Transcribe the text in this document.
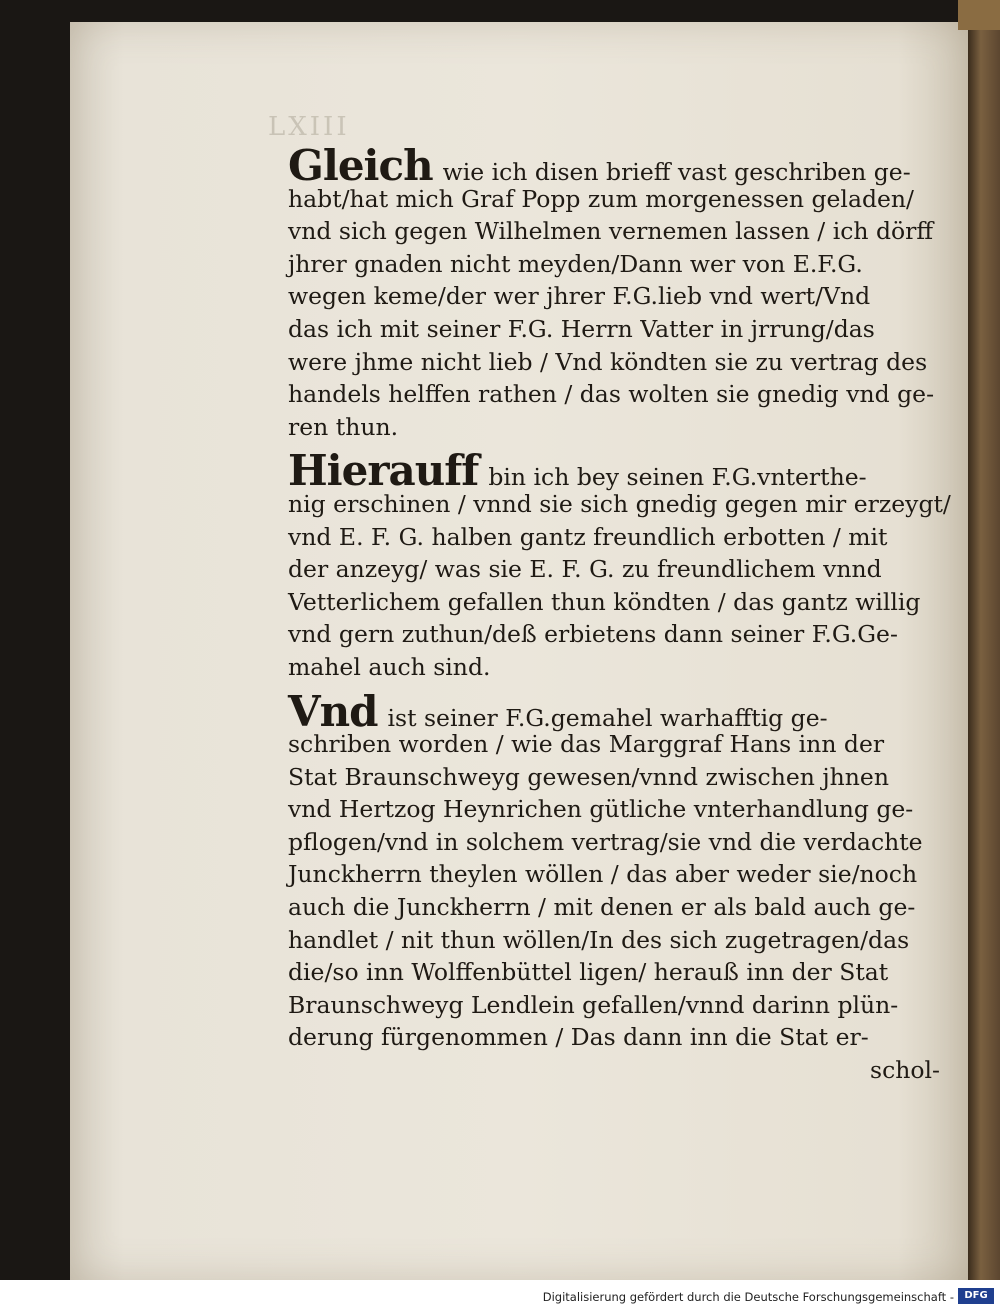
LXIII
Gleich wie ich disen brieff vast geschriben ge-
habt/hat mich Graf Popp zum morgenessen geladen/
vnd sich gegen Wilhelmen vernemen lassen / ich dörff
jhrer gnaden nicht meyden/Dann wer von E.F.G.
wegen keme/der wer jhrer F.G.lieb vnd wert/Vnd
das ich mit seiner F.G. Herrn Vatter in jrrung/das
were jhme nicht lieb / Vnd köndten sie zu vertrag des
handels helffen rathen / das wolten sie gnedig vnd ge-
ren thun.
Hierauff bin ich bey seinen F.G.vnterthe-
nig erschinen / vnnd sie sich gnedig gegen mir erzeygt/
vnd E. F. G. halben gantz freundlich erbotten / mit
der anzeyg/ was sie E. F. G. zu freundlichem vnnd
Vetterlichem gefallen thun köndten / das gantz willig
vnd gern zuthun/deß erbietens dann seiner F.G.Ge-
mahel auch sind.
Vnd ist seiner F.G.gemahel warhafftig ge-
schriben worden / wie das Marggraf Hans inn der
Stat Braunschweyg gewesen/vnnd zwischen jhnen
vnd Hertzog Heynrichen gütliche vnterhandlung ge-
pflogen/vnd in solchem vertrag/sie vnd die verdachte
Junckherrn theylen wöllen / das aber weder sie/noch
auch die Junckherrn / mit denen er als bald auch ge-
handlet / nit thun wöllen/In des sich zugetragen/das
die/so inn Wolffenbüttel ligen/ herauß inn der Stat
Braunschweyg Lendlein gefallen/vnnd darinn plün-
derung fürgenommen / Das dann inn die Stat er-
schol-
Digitalisierung gefördert durch die Deutsche Forschungsgemeinschaft -	DFG
